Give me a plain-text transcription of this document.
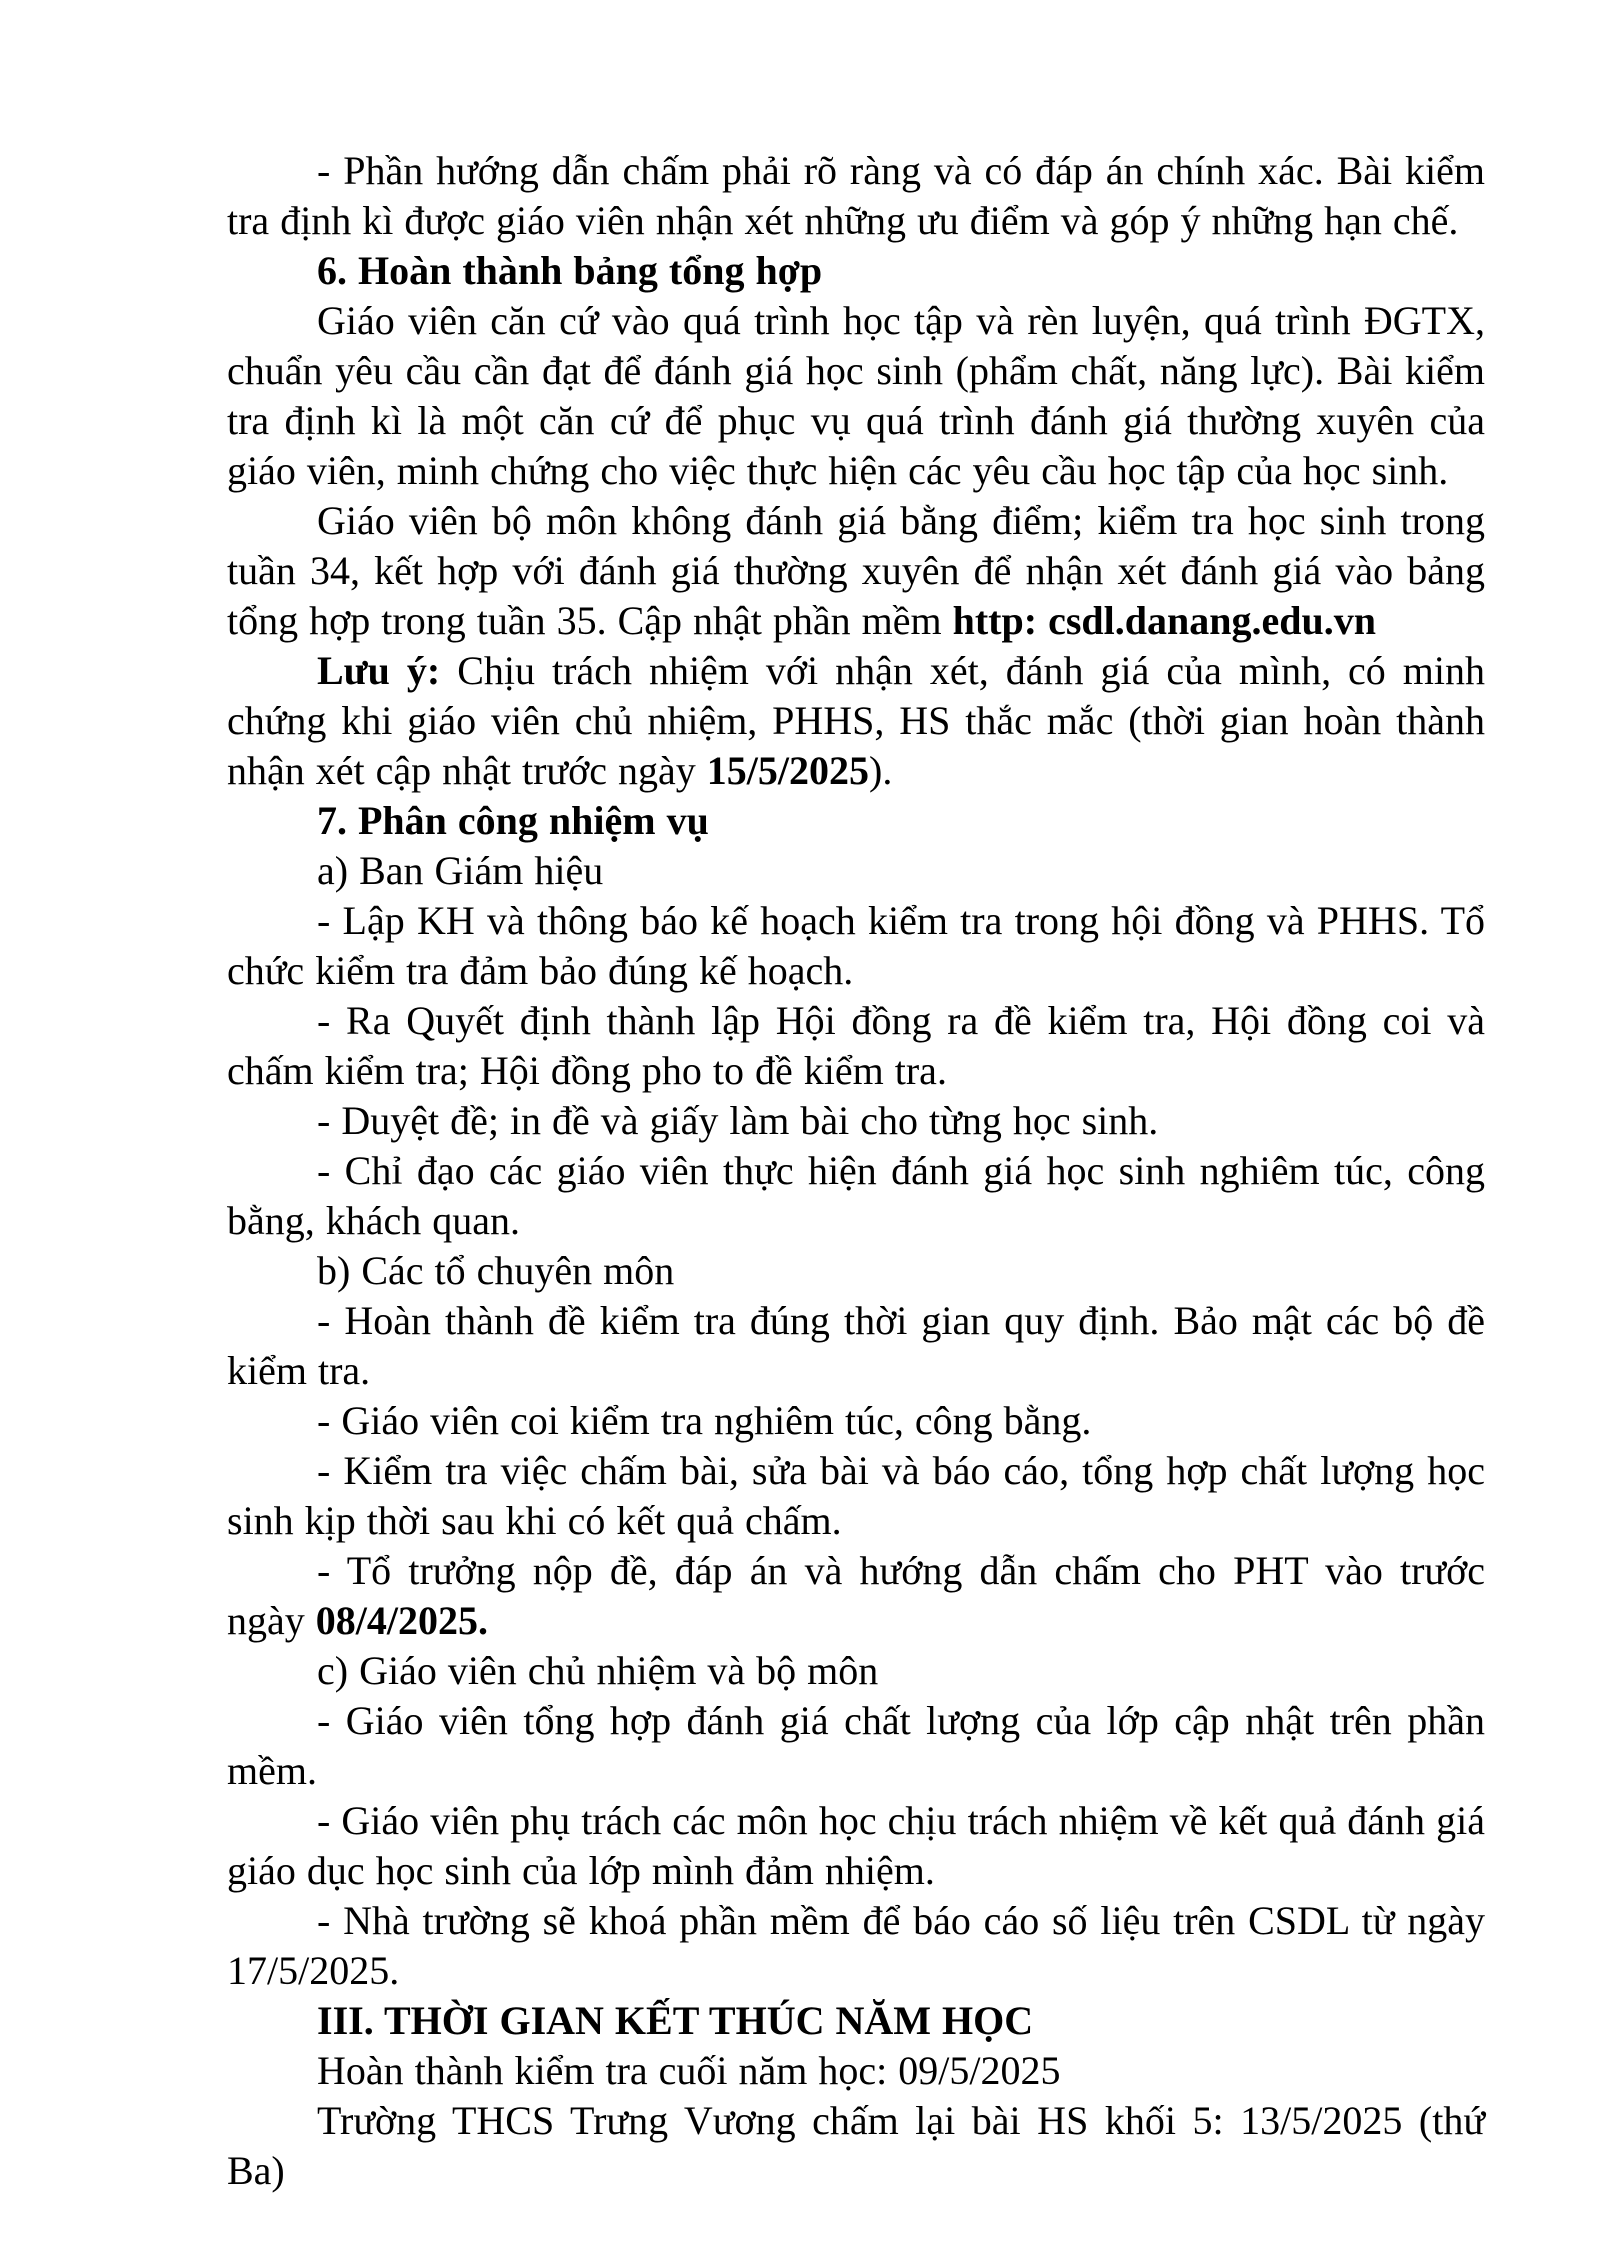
- Phần hướng dẫn chấm phải rõ ràng và có đáp án chính xác. Bài kiểm tra định kì được giáo viên nhận xét những ưu điểm và góp ý những hạn chế.

6. Hoàn thành bảng tổng hợp

Giáo viên căn cứ vào quá trình học tập và rèn luyện, quá trình ĐGTX, chuẩn yêu cầu cần đạt để đánh giá học sinh (phẩm chất, năng lực). Bài kiểm tra định kì là một căn cứ để phục vụ quá trình đánh giá thường xuyên của giáo viên, minh chứng cho việc thực hiện các yêu cầu học tập của học sinh.

Giáo viên bộ môn không đánh giá bằng điểm; kiểm tra học sinh trong tuần 34, kết hợp với đánh giá thường xuyên để nhận xét đánh giá vào bảng tổng hợp trong tuần 35. Cập nhật phần mềm http: csdl.danang.edu.vn

Lưu ý: Chịu trách nhiệm với nhận xét, đánh giá của mình, có minh chứng khi giáo viên chủ nhiệm, PHHS, HS thắc mắc (thời gian hoàn thành nhận xét cập nhật trước ngày 15/5/2025).

7. Phân công nhiệm vụ

a) Ban Giám hiệu

- Lập KH và thông báo kế hoạch kiểm tra trong hội đồng và PHHS. Tổ chức kiểm tra đảm bảo đúng kế hoạch.

- Ra Quyết định thành lập Hội đồng ra đề kiểm tra, Hội đồng coi và chấm kiểm tra; Hội đồng pho to đề kiểm tra.

- Duyệt đề; in đề và giấy làm bài cho từng học sinh.

- Chỉ đạo các giáo viên thực hiện đánh giá học sinh nghiêm túc, công bằng, khách quan.

b) Các tổ chuyên môn

- Hoàn thành đề kiểm tra đúng thời gian quy định. Bảo mật các bộ đề kiểm tra.

- Giáo viên coi kiểm tra nghiêm túc, công bằng.

- Kiểm tra việc chấm bài, sửa bài và báo cáo, tổng hợp chất lượng học sinh kịp thời sau khi có kết quả chấm.

- Tổ trưởng nộp đề, đáp án và hướng dẫn chấm cho PHT vào trước ngày 08/4/2025.

c) Giáo viên chủ nhiệm và bộ môn

- Giáo viên tổng hợp đánh giá chất lượng của lớp cập nhật trên phần mềm.

- Giáo viên phụ trách các môn học chịu trách nhiệm về kết quả đánh giá giáo dục học sinh của lớp mình đảm nhiệm.

- Nhà trường sẽ khoá phần mềm để báo cáo số liệu trên CSDL từ ngày 17/5/2025.

III. THỜI GIAN KẾT THÚC NĂM HỌC

Hoàn thành kiểm tra cuối năm học: 09/5/2025

Trường THCS Trưng Vương chấm lại bài HS khối 5: 13/5/2025 (thứ Ba)
